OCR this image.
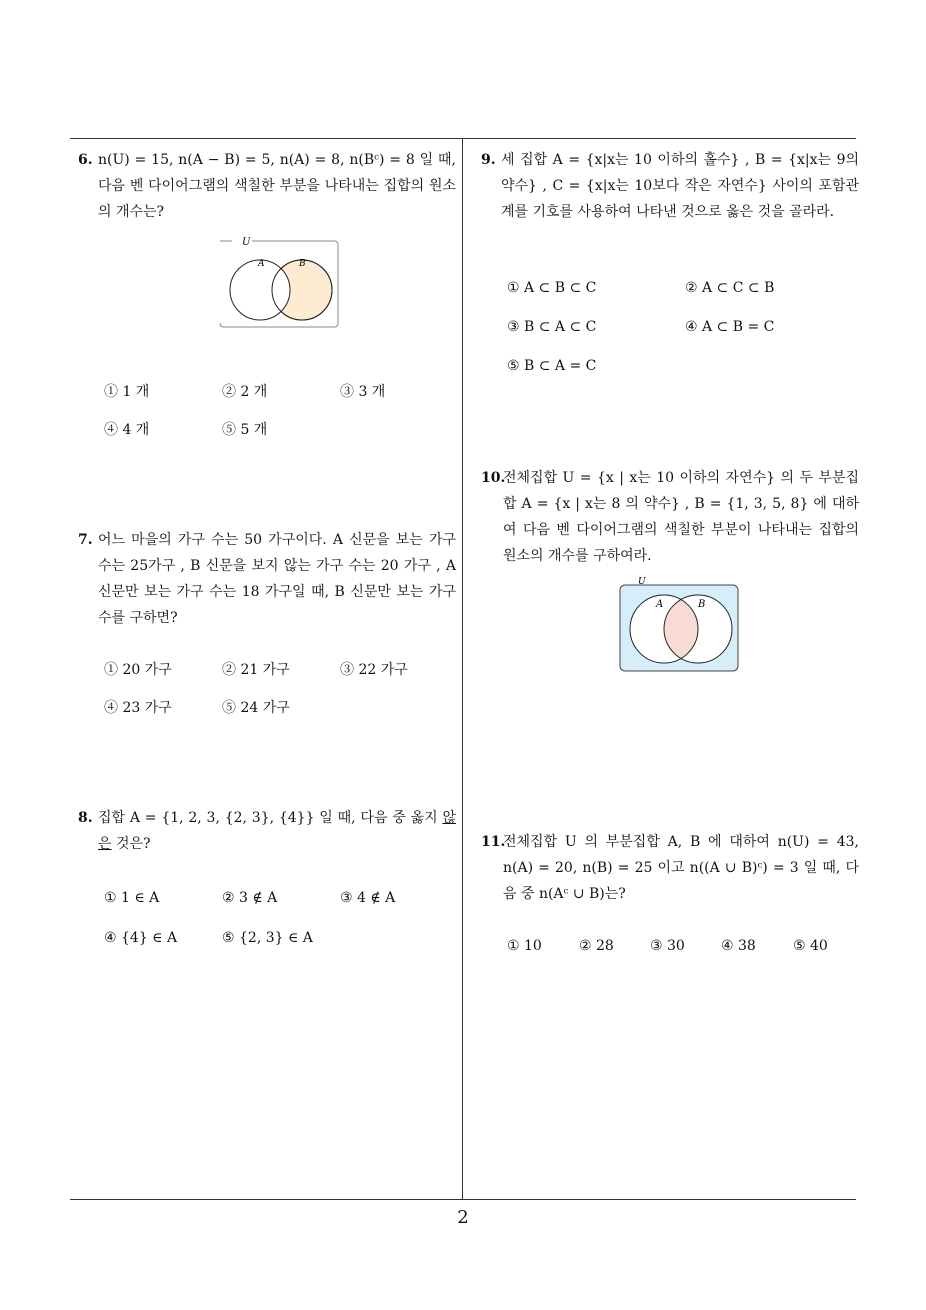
6. n(U) = 15, n(A − B) = 5, n(A) = 8, n(Bᶜ) = 8 일 때, 다음 벤 다이어그램의 색칠한 부분을 나타내는 집합의 원소의 개수는?

U
A	B
① 1 개	② 2 개	③ 3 개
④ 4 개	⑤ 5 개

7. 어느 마을의 가구 수는 50 가구이다. A 신문을 보는 가구 수는 25가구 , B 신문을 보지 않는 가구 수는 20 가구 , A 신문만 보는 가구 수는 18 가구일 때, B 신문만 보는 가구 수를 구하면?

① 20 가구	② 21 가구	③ 22 가구
④ 23 가구	⑤ 24 가구

8. 집합 A = {1, 2, 3, {2, 3}, {4}} 일 때, 다음 중 옳지 않은 것은?

① 1 ∈ A	② 3 ∉ A	③ 4 ∉ A
④ {4} ∈ A	⑤ {2, 3} ∈ A

9. 세 집합 A = {x|x는 10 이하의 홀수} , B = {x|x는 9의 약수} , C = {x|x는 10보다 작은 자연수} 사이의 포함관계를 기호를 사용하여 나타낸 것으로 옳은 것을 골라라.

① A ⊂ B ⊂ C	② A ⊂ C ⊂ B
③ B ⊂ A ⊂ C	④ A ⊂ B = C
⑤ B ⊂ A = C

10.전체집합 U = {x | x는 10 이하의 자연수} 의 두 부분집합 A = {x | x는 8 의 약수} , B = {1, 3, 5, 8} 에 대하여 다음 벤 다이어그램의 색칠한 부분이 나타내는 집합의 원소의 개수를 구하여라.

U
A	B

11.전체집합 U 의 부분집합 A, B 에 대하여 n(U) = 43, n(A) = 20, n(B) = 25 이고 n((A ∪ B)ᶜ) = 3 일 때, 다음 중 n(Aᶜ ∪ B)는?

① 10	② 28	③ 30	④ 38	⑤ 40
2
